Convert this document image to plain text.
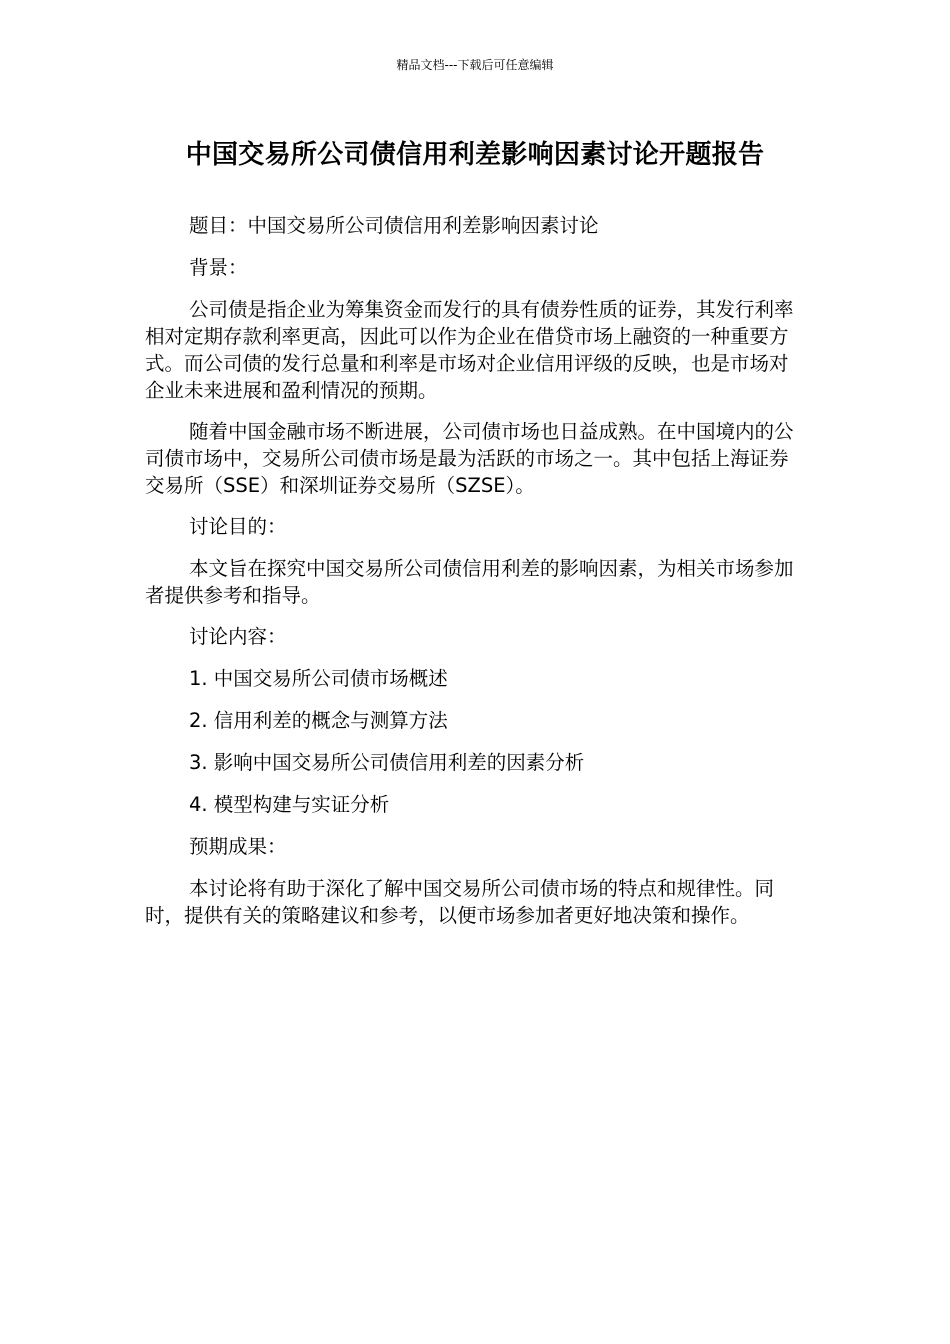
精品文档---下载后可任意编辑
中国交易所公司债信用利差影响因素讨论开题报告

题目：中国交易所公司债信用利差影响因素讨论

背景：

公司债是指企业为筹集资金而发行的具有债券性质的证券，其发行利率相对定期存款利率更高，因此可以作为企业在借贷市场上融资的一种重要方式。而公司债的发行总量和利率是市场对企业信用评级的反映，也是市场对企业未来进展和盈利情况的预期。

随着中国金融市场不断进展，公司债市场也日益成熟。在中国境内的公司债市场中，交易所公司债市场是最为活跃的市场之一。其中包括上海证券交易所（SSE）和深圳证券交易所（SZSE）。

讨论目的：

本文旨在探究中国交易所公司债信用利差的影响因素，为相关市场参加者提供参考和指导。

讨论内容：

1. 中国交易所公司债市场概述

2. 信用利差的概念与测算方法

3. 影响中国交易所公司债信用利差的因素分析

4. 模型构建与实证分析

预期成果：

本讨论将有助于深化了解中国交易所公司债市场的特点和规律性。同时，提供有关的策略建议和参考，以便市场参加者更好地决策和操作。
